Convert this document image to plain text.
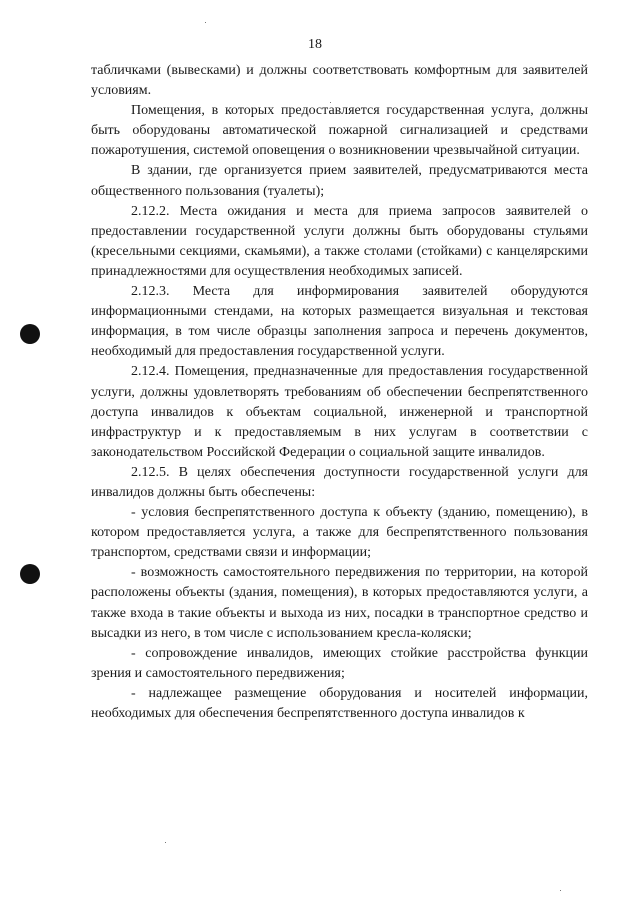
18

табличками (вывесками) и должны соответствовать комфортным для заявителей условиям.

Помещения, в которых предоставляется государственная услуга, должны быть оборудованы автоматической пожарной сигнализацией и средствами пожаротушения, системой оповещения о возникновении чрезвычайной ситуации.

В здании, где организуется прием заявителей, предусматриваются места общественного пользования (туалеты);

2.12.2. Места ожидания и места для приема запросов заявителей о предоставлении государственной услуги должны быть оборудованы стульями (кресельными секциями, скамьями), а также столами (стойками) с канцелярскими принадлежностями для осуществления необходимых записей.

2.12.3. Места для информирования заявителей оборудуются информационными стендами, на которых размещается визуальная и текстовая информация, в том числе образцы заполнения запроса и перечень документов, необходимый для предоставления государственной услуги.

2.12.4. Помещения, предназначенные для предоставления государственной услуги, должны удовлетворять требованиям об обеспечении беспрепятственного доступа инвалидов к объектам социальной, инженерной и транспортной инфраструктур и к предоставляемым в них услугам в соответствии с законодательством Российской Федерации о социальной защите инвалидов.

2.12.5. В целях обеспечения доступности государственной услуги для инвалидов должны быть обеспечены:

- условия беспрепятственного доступа к объекту (зданию, помещению), в котором предоставляется услуга, а также для беспрепятственного пользования транспортом, средствами связи и информации;

- возможность самостоятельного передвижения по территории, на которой расположены объекты (здания, помещения), в которых предоставляются услуги, а также входа в такие объекты и выхода из них, посадки в транспортное средство и высадки из него, в том числе с использованием кресла-коляски;

- сопровождение инвалидов, имеющих стойкие расстройства функции зрения и самостоятельного передвижения;

- надлежащее размещение оборудования и носителей информации, необходимых для обеспечения беспрепятственного доступа инвалидов к
